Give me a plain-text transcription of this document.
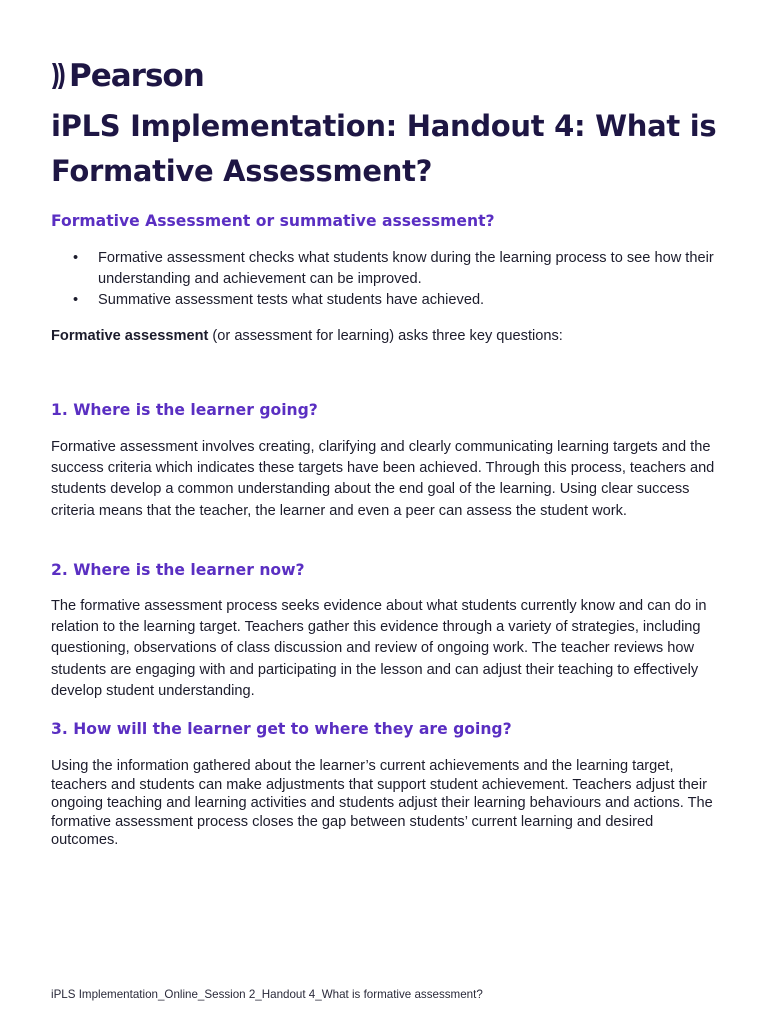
Pearson
iPLS Implementation: Handout 4: What is Formative Assessment?
Formative Assessment or summative assessment?
• Formative assessment checks what students know during the learning process to see how their understanding and achievement can be improved.
• Summative assessment tests what students have achieved.

Formative assessment (or assessment for learning) asks three key questions:

1. Where is the learner going?

Formative assessment involves creating, clarifying and clearly communicating learning targets and the success criteria which indicates these targets have been achieved. Through this process, teachers and students develop a common understanding about the end goal of the learning. Using clear success criteria means that the teacher, the learner and even a peer can assess the student work.

2. Where is the learner now?

The formative assessment process seeks evidence about what students currently know and can do in relation to the learning target. Teachers gather this evidence through a variety of strategies, including questioning, observations of class discussion and review of ongoing work. The teacher reviews how students are engaging with and participating in the lesson and can adjust their teaching to effectively develop student understanding.

3. How will the learner get to where they are going?

Using the information gathered about the learner’s current achievements and the learning target, teachers and students can make adjustments that support student achievement. Teachers adjust their ongoing teaching and learning activities and students adjust their learning behaviours and actions. The formative assessment process closes the gap between students’ current learning and desired outcomes.

iPLS Implementation_Online_Session 2_Handout 4_What is formative assessment?
